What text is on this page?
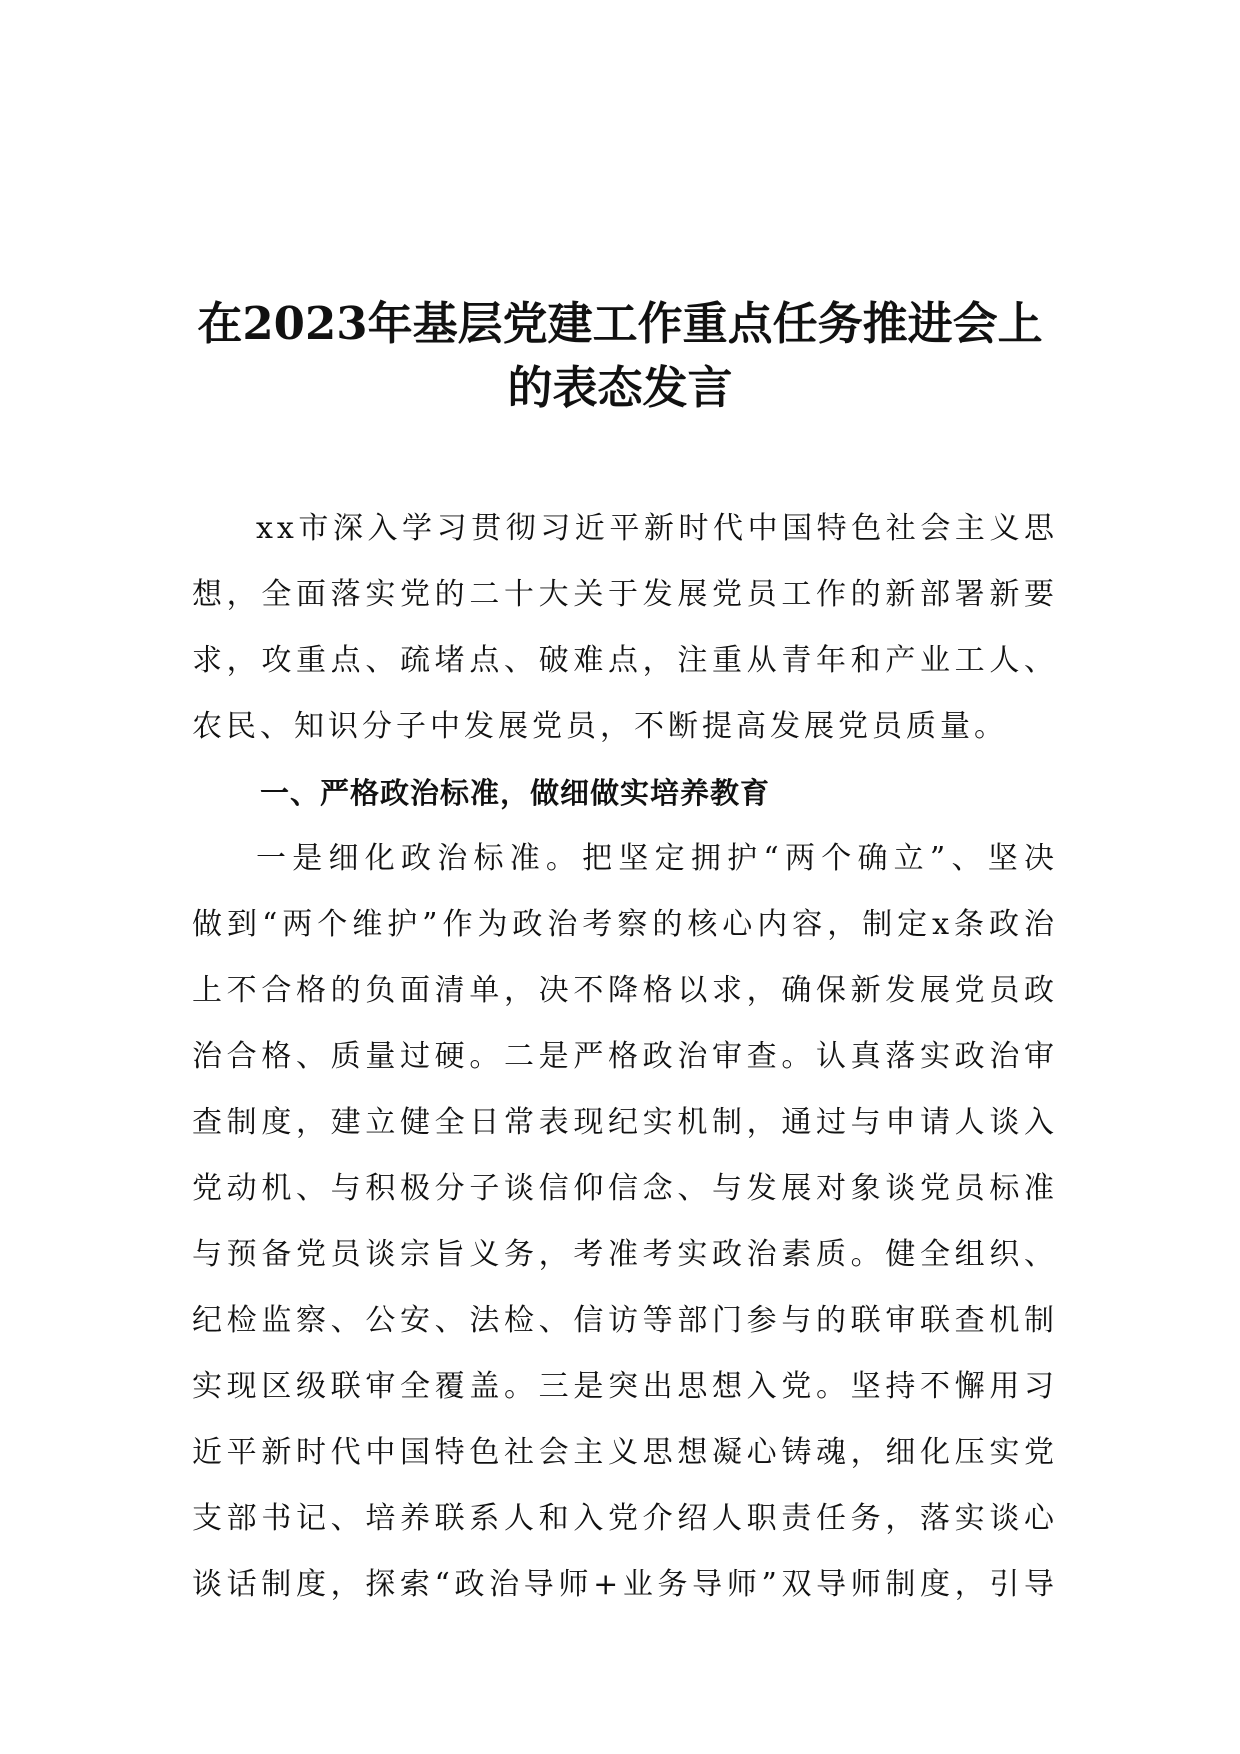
在2023年基层党建工作重点任务推进会上
的表态发言
xx市深入学习贯彻习近平新时代中国特色社会主义思
想，全面落实党的二十大关于发展党员工作的新部署新要
求，攻重点、疏堵点、破难点，注重从青年和产业工人、
农民、知识分子中发展党员，不断提高发展党员质量。

一、严格政治标准，做细做实培养教育

一是细化政治标准。把坚定拥护“两个确立”、坚决
做到“两个维护”作为政治考察的核心内容，制定x条政治
上不合格的负面清单，决不降格以求，确保新发展党员政
治合格、质量过硬。二是严格政治审查。认真落实政治审
查制度，建立健全日常表现纪实机制，通过与申请人谈入
党动机、与积极分子谈信仰信念、与发展对象谈党员标准
与预备党员谈宗旨义务，考准考实政治素质。健全组织、
纪检监察、公安、法检、信访等部门参与的联审联查机制
实现区级联审全覆盖。三是突出思想入党。坚持不懈用习
近平新时代中国特色社会主义思想凝心铸魂，细化压实党
支部书记、培养联系人和入党介绍人职责任务，落实谈心
谈话制度，探索“政治导师+业务导师”双导师制度，引导
